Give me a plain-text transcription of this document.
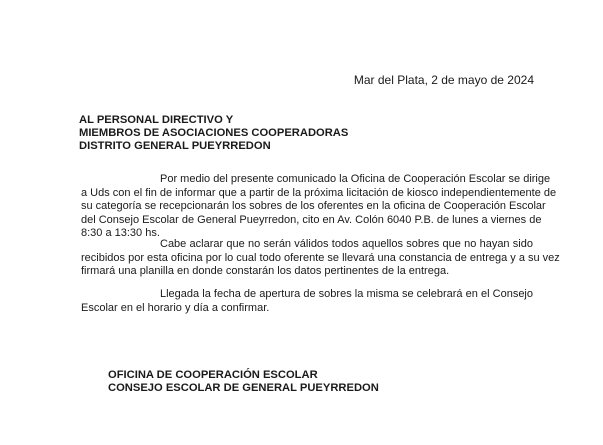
Mar del Plata, 2 de mayo de 2024
AL PERSONAL DIRECTIVO Y
MIEMBROS DE ASOCIACIONES COOPERADORAS
DISTRITO GENERAL PUEYRREDON
Por medio del presente comunicado la Oficina de Cooperación Escolar se dirige
a Uds con el fin de informar que a partir de la próxima licitación de kiosco independientemente de
su categoría se recepcionarán los sobres de los oferentes en la oficina de Cooperación Escolar
del Consejo Escolar de General Pueyrredon, cito en Av. Colón 6040 P.B. de lunes a viernes de
8:30 a 13:30 hs.
Cabe aclarar que no serán válidos todos aquellos sobres que no hayan sido
recibidos por esta oficina por lo cual todo oferente se llevará una constancia de entrega y a su vez
firmará una planilla en donde constarán los datos pertinentes de la entrega.
Llegada la fecha de apertura de sobres la misma se celebrará en el Consejo
Escolar en el horario y día a confirmar.
OFICINA DE COOPERACIÓN ESCOLAR
CONSEJO ESCOLAR DE GENERAL PUEYRREDON
